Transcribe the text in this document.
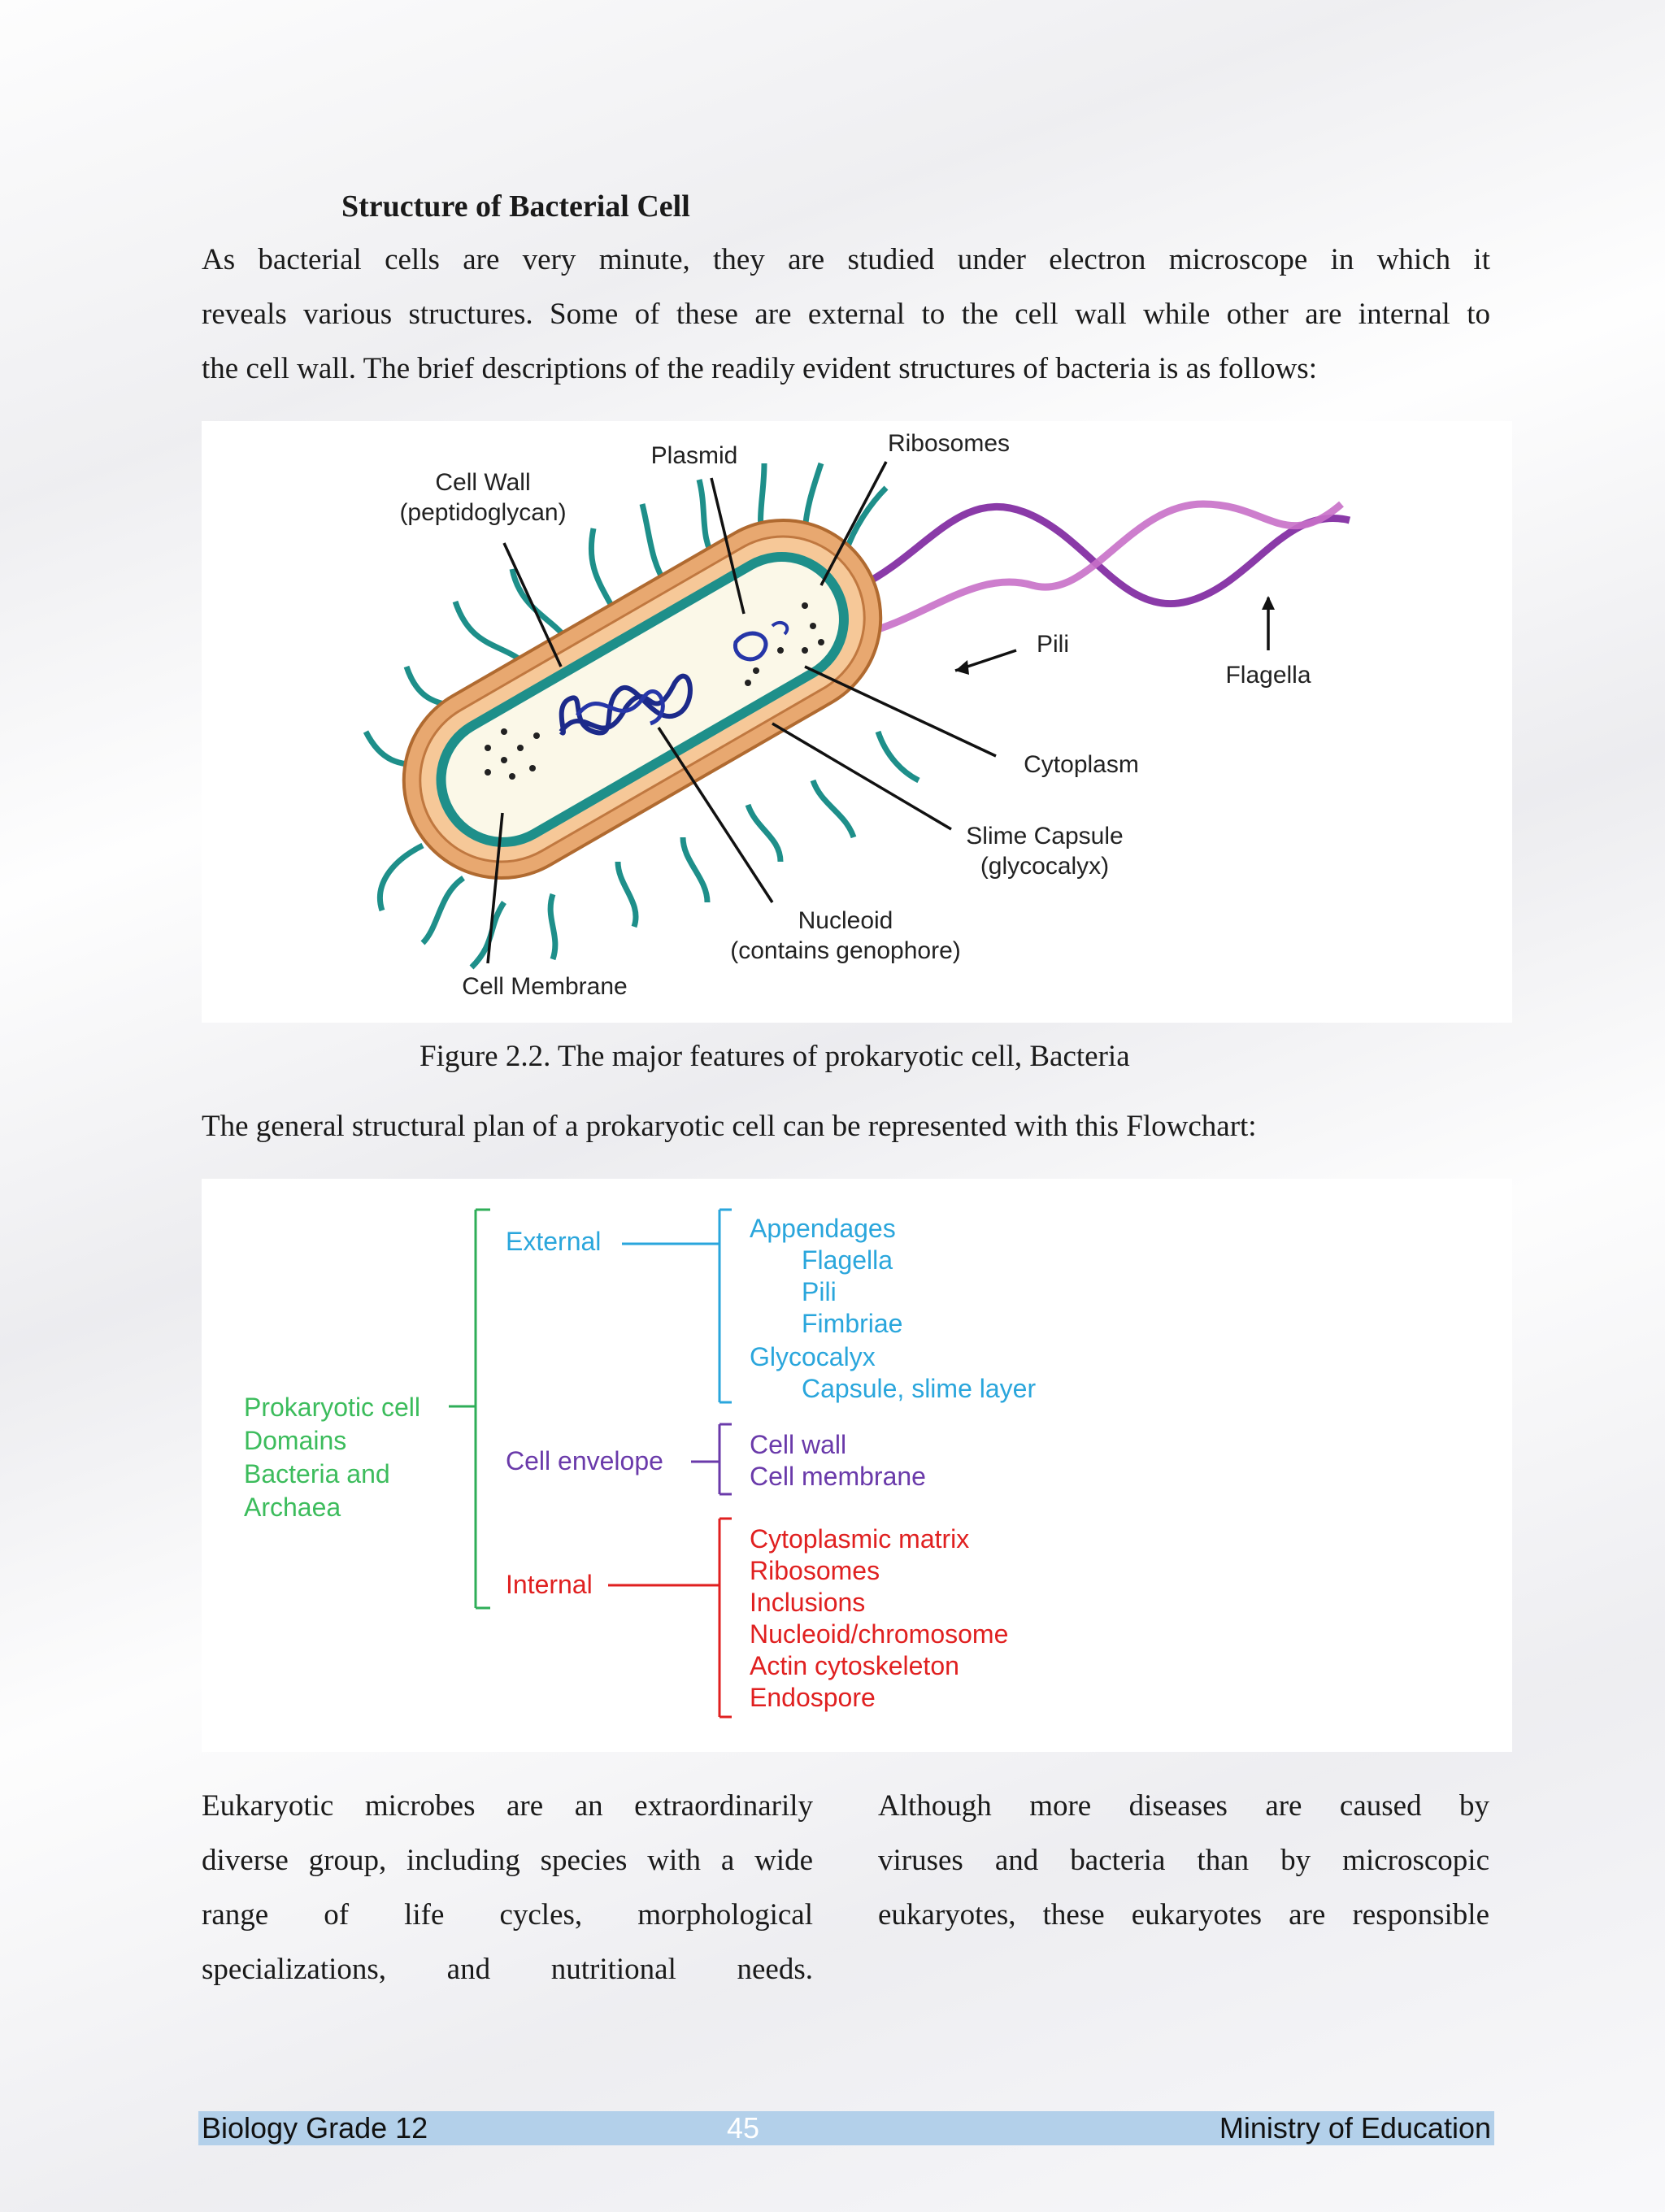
Structure of Bacterial Cell
As bacterial cells are very minute, they are studied under electron microscope in which it
reveals various structures. Some of these are external to the cell wall while other are internal to
the cell wall. The brief descriptions of the readily evident structures of bacteria is as follows:
Cell Wall
(peptidoglycan)
Plasmid	Ribosomes
Pili
Flagella
Cytoplasm
Slime Capsule
(glycocalyx)
Nucleoid
(contains genophore)
Cell Membrane
Figure 2.2. The major features of prokaryotic cell, Bacteria
The general structural plan of a prokaryotic cell can be represented with this Flowchart:
Prokaryotic cell
Domains
Bacteria and
Archaea
External
Cell envelope
Internal
Appendages
Flagella
Pili
Fimbriae
Glycocalyx
Capsule, slime layer
Cell wall
Cell membrane
Cytoplasmic matrix
Ribosomes
Inclusions
Nucleoid/chromosome
Actin cytoskeleton
Endospore
Eukaryotic microbes are an extraordinarily
diverse group, including species with a wide
range of life cycles, morphological
specializations, and nutritional needs.
Although more diseases are caused by
viruses and bacteria than by microscopic
eukaryotes, these eukaryotes are responsible
Biology Grade 12	45	Ministry of Education
